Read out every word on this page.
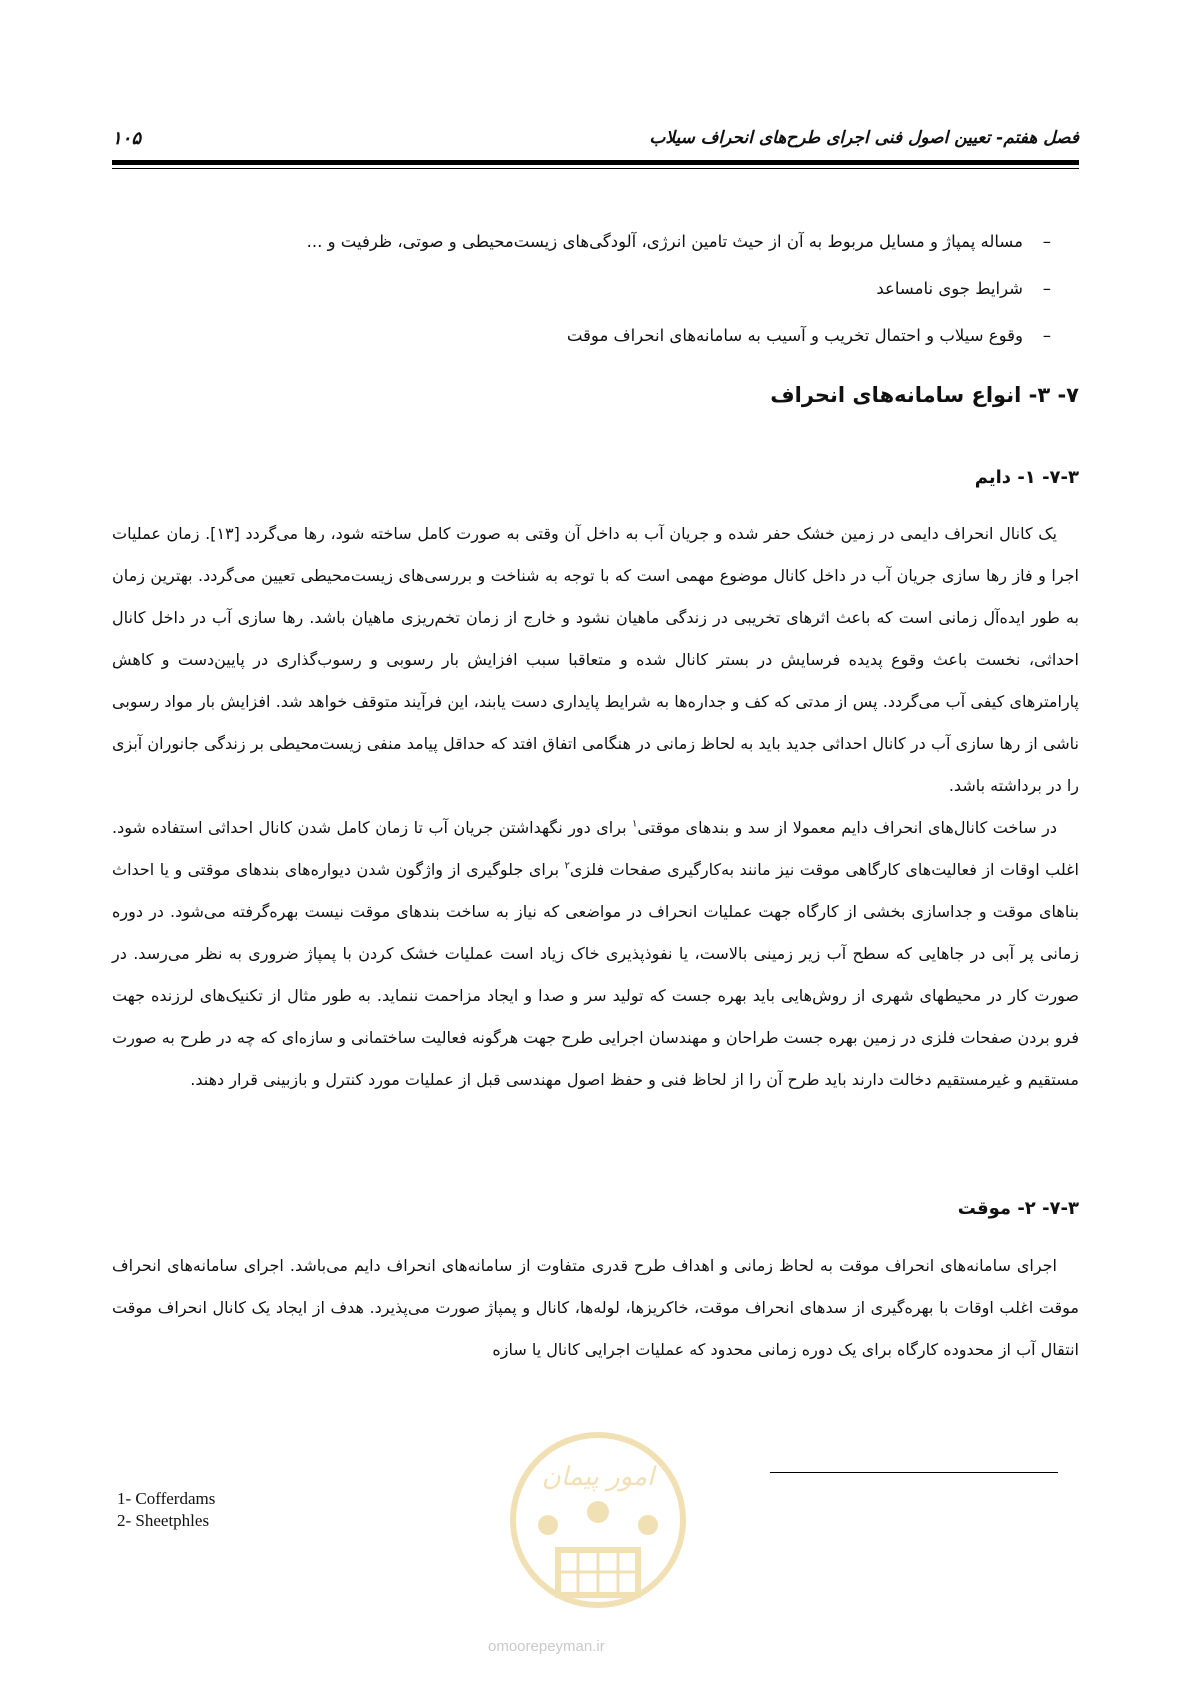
فصل هفتم- تعیین اصول فنی اجرای طرح‌های انحراف سیلاب
۱۰۵
–مساله پمپاژ و مسایل مربوط به آن از حیث تامین انرژی، آلودگی‌های زیست‌محیطی و صوتی، ظرفیت و ...
–شرایط جوی نامساعد
–وقوع سیلاب و احتمال تخریب و آسیب به سامانه‌های انحراف موقت
۷- ۳- انواع سامانه‌های انحراف
۷-۳- ۱- دایم

یک کانال انحراف دایمی در زمین خشک حفر شده و جریان آب به داخل آن وقتی به صورت کامل ساخته شود، رها می‌گردد [۱۳]. زمان عملیات اجرا و فاز رها سازی جریان آب در داخل کانال موضوع مهمی است که با توجه به شناخت و بررسی‌های زیست‌محیطی تعیین می‌گردد. بهترین زمان به طور ایده‌آل زمانی است که باعث اثرهای تخریبی در زندگی ماهیان نشود و خارج از زمان تخم‌ریزی ماهیان باشد. رها سازی آب در داخل کانال احداثی، نخست باعث وقوع پدیده فرسایش در بستر کانال شده و متعاقبا سبب افزایش بار رسوبی و رسوب‌گذاری در پایین‌دست و کاهش پارامترهای کیفی آب می‌گردد. پس از مدتی که کف و جداره‌ها به شرایط پایداری دست یابند، این فرآیند متوقف خواهد شد. افزایش بار مواد رسوبی ناشی از رها سازی آب در کانال احداثی جدید باید به لحاظ زمانی در هنگامی اتفاق افتد که حداقل پیامد منفی زیست‌محیطی بر زندگی جانوران آبزی را در برداشته باشد.

در ساخت کانال‌های انحراف دایم معمولا از سد و بندهای موقتی$^۱$ برای دور نگهداشتن جریان آب تا زمان کامل شدن کانال احداثی استفاده شود. اغلب اوقات از فعالیت‌های کارگاهی موقت نیز مانند به‌کارگیری صفحات فلزی$^۲$ برای جلوگیری از واژگون شدن دیواره‌های بندهای موقتی و یا احداث بناهای موقت و جداسازی بخشی از کارگاه جهت عملیات انحراف در مواضعی که نیاز به ساخت بندهای موقت نیست بهره‌گرفته می‌شود. در دوره زمانی پر آبی در جاهایی که سطح آب زیر زمینی بالاست، یا نفوذپذیری خاک زیاد است عملیات خشک کردن با پمپاژ ضروری به نظر می‌رسد. در صورت کار در محیطهای شهری از روش‌هایی باید بهره جست که تولید سر و صدا و ایجاد مزاحمت ننماید. به طور مثال از تکنیک‌های لرزنده جهت فرو بردن صفحات فلزی در زمین بهره جست طراحان و مهندسان اجرایی طرح جهت هرگونه فعالیت ساختمانی و سازه‌ای که چه در طرح به صورت مستقیم و غیرمستقیم دخالت دارند باید طرح آن را از لحاظ فنی و حفظ اصول مهندسی قبل از عملیات مورد کنترل و بازبینی قرار دهند.

۷-۳- ۲- موقت

اجرای سامانه‌های انحراف موقت به لحاظ زمانی و اهداف طرح قدری متفاوت از سامانه‌های انحراف دایم می‌باشد. اجرای سامانه‌های انحراف موقت اغلب اوقات با بهره‌گیری از سدهای انحراف موقت، خاکریزها، لوله‌ها، کانال و پمپاژ صورت می‌پذیرد. هدف از ایجاد یک کانال انحراف موقت انتقال آب از محدوده کارگاه برای یک دوره زمانی محدود که عملیات اجرایی کانال یا سازه

1- Cofferdams
2- Sheetphles
امور پیمان
omoorepeyman.ir
